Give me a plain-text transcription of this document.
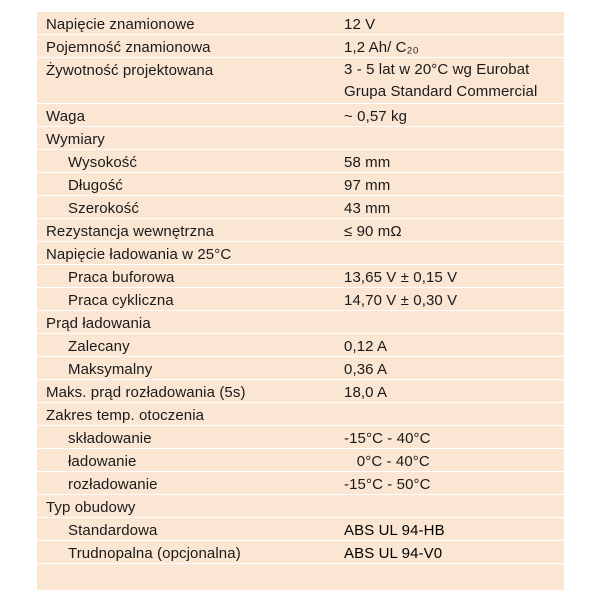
Napięcie znamionowe	12 V
Pojemność znamionowa	1,2 Ah/ C₂₀
Żywotność projektowana	3 - 5 lat w 20°C wg Eurobat
Grupa Standard Commercial
Waga	~ 0,57 kg
Wymiary
Wysokość	58 mm
Długość	97 mm
Szerokość	43 mm
Rezystancja wewnętrzna	≤ 90 mΩ
Napięcie ładowania w 25°C
Praca buforowa	13,65 V ± 0,15 V
Praca cykliczna	14,70 V ± 0,30 V
Prąd ładowania
Zalecany	0,12 A
Maksymalny	0,36 A
Maks. prąd rozładowania (5s)	18,0 A
Zakres temp. otoczenia
składowanie	-15°C - 40°C
ładowanie	0°C - 40°C
rozładowanie	-15°C - 50°C
Typ obudowy
Standardowa	ABS UL 94-HB
Trudnopalna (opcjonalna)	ABS UL 94-V0
